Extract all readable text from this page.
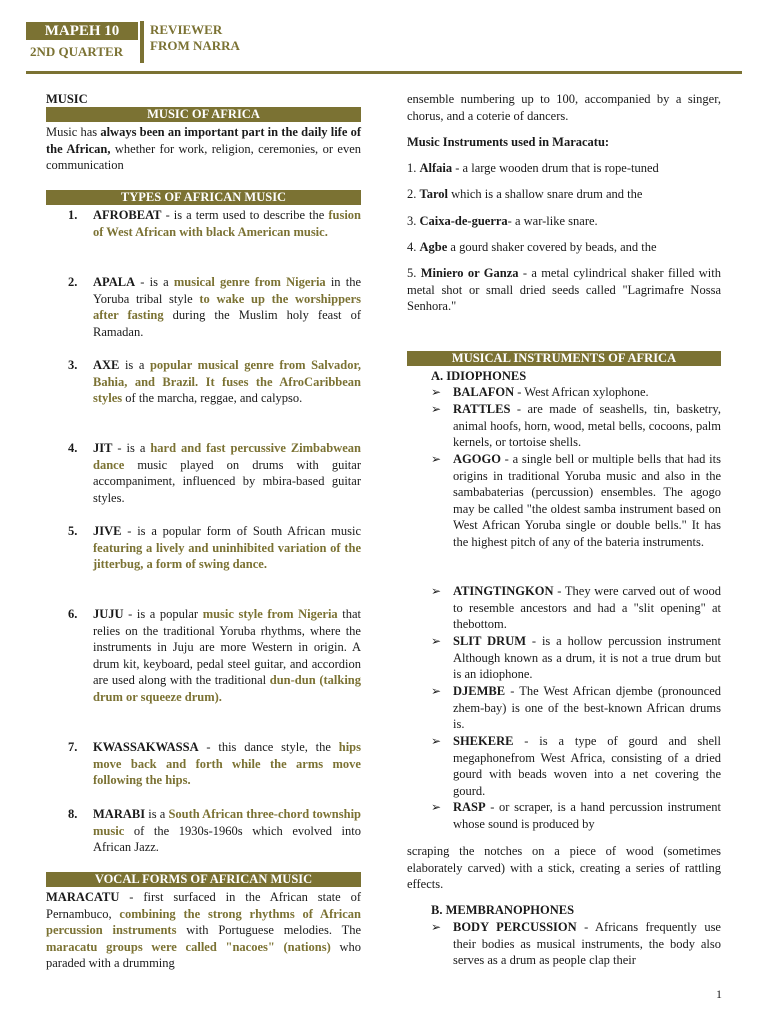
MAPEH 10
2ND QUARTER
REVIEWER
FROM NARRA
MUSIC
MUSIC OF AFRICA
Music has always been an important part in the daily life of the African, whether for work, religion, ceremonies, or even communication
TYPES OF AFRICAN MUSIC
1. AFROBEAT - is a term used to describe the fusion of West African with black American music.
2. APALA - is a musical genre from Nigeria in the Yoruba tribal style to wake up the worshippers after fasting during the Muslim holy feast of Ramadan.
3. AXE is a popular musical genre from Salvador, Bahia, and Brazil. It fuses the AfroCaribbean styles of the marcha, reggae, and calypso.
4. JIT - is a hard and fast percussive Zimbabwean dance music played on drums with guitar accompaniment, influenced by mbira-based guitar styles.
5. JIVE - is a popular form of South African music featuring a lively and uninhibited variation of the jitterbug, a form of swing dance.
6. JUJU - is a popular music style from Nigeria that relies on the traditional Yoruba rhythms, where the instruments in Juju are more Western in origin. A drum kit, keyboard, pedal steel guitar, and accordion are used along with the traditional dun-dun (talking drum or squeeze drum).
7. KWASSAKWASSA - this dance style, the hips move back and forth while the arms move following the hips.
8. MARABI is a South African three-chord township music of the 1930s-1960s which evolved into African Jazz.
VOCAL FORMS OF AFRICAN MUSIC
MARACATU - first surfaced in the African state of Pernambuco, combining the strong rhythms of African percussion instruments with Portuguese melodies. The maracatu groups were called "nacoes" (nations) who paraded with a drumming
ensemble numbering up to 100, accompanied by a singer, chorus, and a coterie of dancers.
Music Instruments used in Maracatu:
1. Alfaia - a large wooden drum that is rope-tuned
2. Tarol which is a shallow snare drum and the
3. Caixa-de-guerra- a war-like snare.
4. Agbe a gourd shaker covered by beads, and the
5. Miniero or Ganza - a metal cylindrical shaker filled with metal shot or small dried seeds called "Lagrimafre Nossa Senhora."
MUSICAL INSTRUMENTS OF AFRICA
A. IDIOPHONES
➢ BALAFON - West African xylophone.
➢ RATTLES - are made of seashells, tin, basketry, animal hoofs, horn, wood, metal bells, cocoons, palm kernels, or tortoise shells.
➢ AGOGO - a single bell or multiple bells that had its origins in traditional Yoruba music and also in the sambabaterias (percussion) ensembles. The agogo may be called "the oldest samba instrument based on West African Yoruba single or double bells." It has the highest pitch of any of the bateria instruments.
➢ ATINGTINGKON - They were carved out of wood to resemble ancestors and had a "slit opening" at thebottom.
➢ SLIT DRUM - is a hollow percussion instrument Although known as a drum, it is not a true drum but is an idiophone.
➢ DJEMBE - The West African djembe (pronounced zhem-bay) is one of the best-known African drums is.
➢ SHEKERE - is a type of gourd and shell megaphonefrom West Africa, consisting of a dried gourd with beads woven into a net covering the gourd.
➢ RASP - or scraper, is a hand percussion instrument whose sound is produced by
scraping the notches on a piece of wood (sometimes elaborately carved) with a stick, creating a series of rattling effects.
B. MEMBRANOPHONES
➢ BODY PERCUSSION - Africans frequently use their bodies as musical instruments, the body also serves as a drum as people clap their
1
